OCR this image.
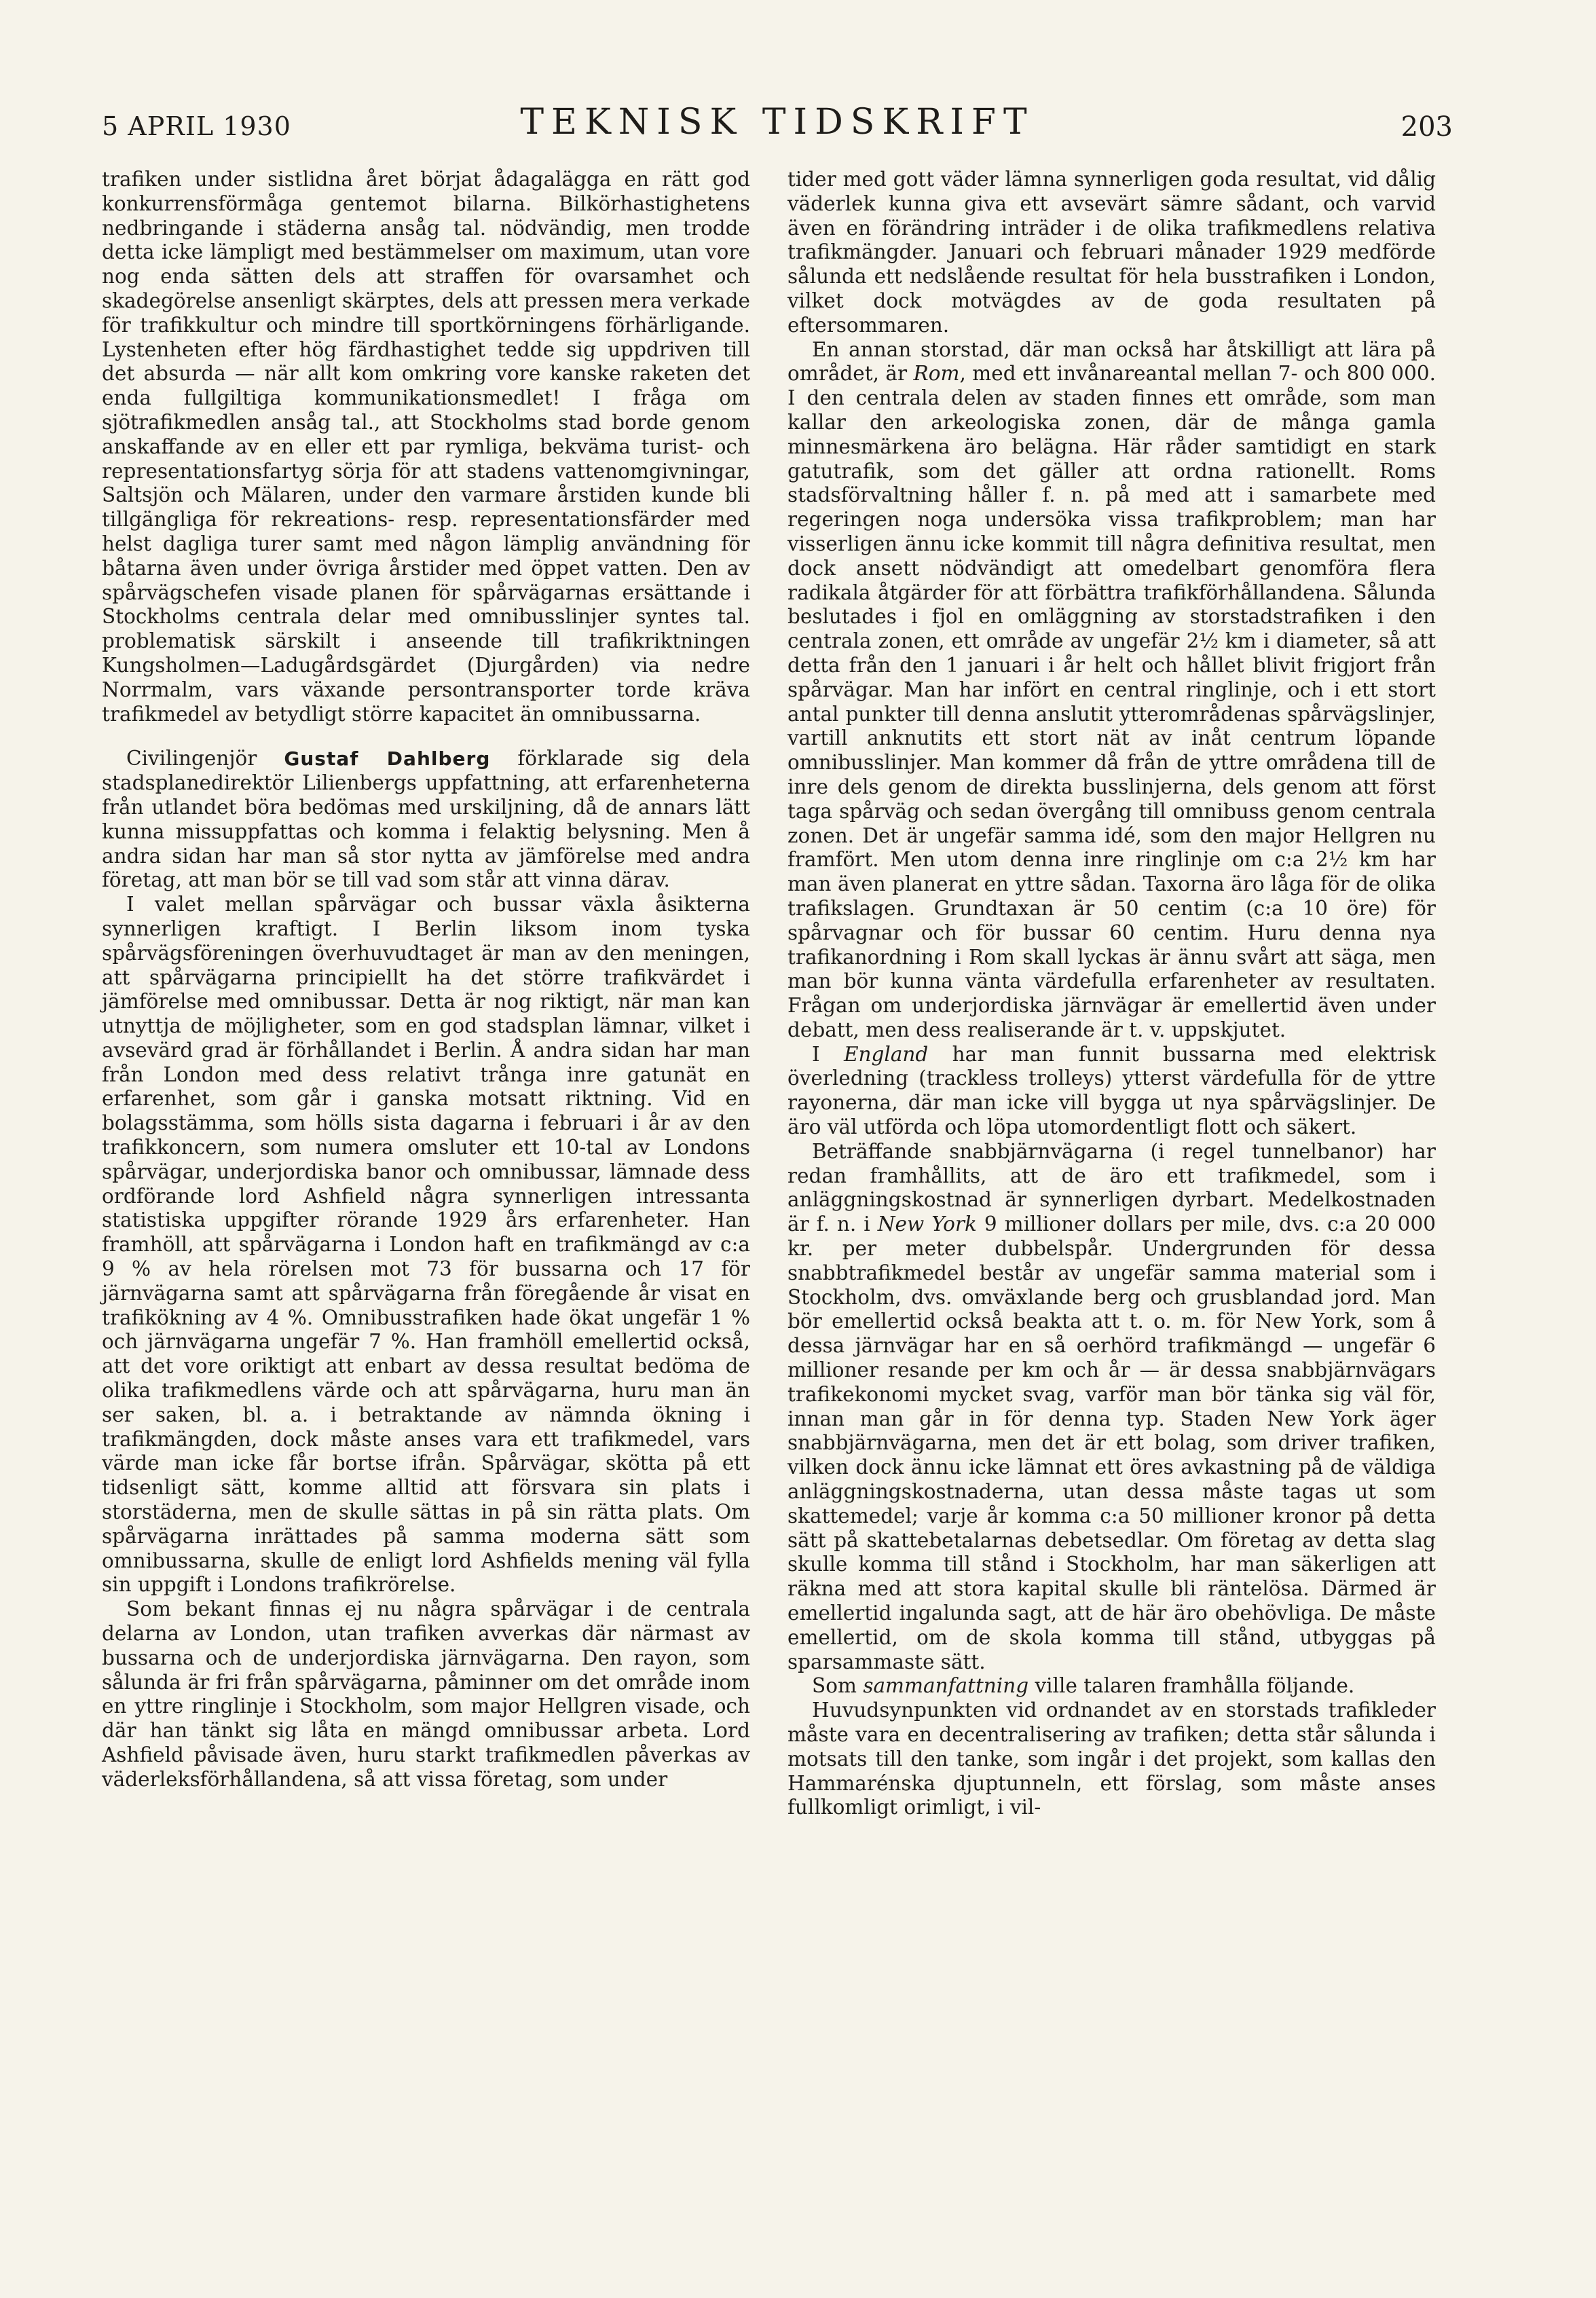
5 APRIL 1930	TEKNISK TIDSKRIFT	203

trafiken under sistlidna året börjat ådagalägga en rätt god konkurrensförmåga gentemot bilarna. Bilkörhastighetens nedbringande i städerna ansåg tal. nödvändig, men trodde detta icke lämpligt med bestämmelser om maximum, utan vore nog enda sätten dels att straffen för ovarsamhet och skadegörelse ansenligt skärptes, dels att pressen mera verkade för trafikkultur och mindre till sportkörningens förhärligande. Lystenheten efter hög färdhastighet tedde sig uppdriven till det absurda — när allt kom omkring vore kanske raketen det enda fullgiltiga kommunikationsmedlet! I fråga om sjötrafikmedlen ansåg tal., att Stockholms stad borde genom anskaffande av en eller ett par rymliga, bekväma turist- och representationsfartyg sörja för att stadens vattenomgivningar, Saltsjön och Mälaren, under den varmare årstiden kunde bli tillgängliga för rekreations- resp. representationsfärder med helst dagliga turer samt med någon lämplig användning för båtarna även under övriga årstider med öppet vatten. Den av spårvägschefen visade planen för spårvägarnas ersättande i Stockholms centrala delar med omnibusslinjer syntes tal. problematisk särskilt i anseende till trafikriktningen Kungsholmen—Ladugårdsgärdet (Djurgården) via nedre Norrmalm, vars växande persontransporter torde kräva trafikmedel av betydligt större kapacitet än omnibussarna.

Civilingenjör Gustaf Dahlberg förklarade sig dela stadsplanedirektör Lilienbergs uppfattning, att erfarenheterna från utlandet böra bedömas med urskiljning, då de annars lätt kunna missuppfattas och komma i felaktig belysning. Men å andra sidan har man så stor nytta av jämförelse med andra företag, att man bör se till vad som står att vinna därav.

I valet mellan spårvägar och bussar växla åsikterna synnerligen kraftigt. I Berlin liksom inom tyska spårvägsföreningen överhuvudtaget är man av den meningen, att spårvägarna principiellt ha det större trafikvärdet i jämförelse med omnibussar. Detta är nog riktigt, när man kan utnyttja de möjligheter, som en god stadsplan lämnar, vilket i avsevärd grad är förhållandet i Berlin. Å andra sidan har man från London med dess relativt trånga inre gatunät en erfarenhet, som går i ganska motsatt riktning. Vid en bolagsstämma, som hölls sista dagarna i februari i år av den trafikkoncern, som numera omsluter ett 10-tal av Londons spårvägar, underjordiska banor och omnibussar, lämnade dess ordförande lord Ashfield några synnerligen intressanta statistiska uppgifter rörande 1929 års erfarenheter. Han framhöll, att spårvägarna i London haft en trafikmängd av c:a 9 % av hela rörelsen mot 73 för bussarna och 17 för järnvägarna samt att spårvägarna från föregående år visat en trafikökning av 4 %. Omnibusstrafiken hade ökat ungefär 1 % och järnvägarna ungefär 7 %. Han framhöll emellertid också, att det vore oriktigt att enbart av dessa resultat bedöma de olika trafikmedlens värde och att spårvägarna, huru man än ser saken, bl. a. i betraktande av nämnda ökning i trafikmängden, dock måste anses vara ett trafikmedel, vars värde man icke får bortse ifrån. Spårvägar, skötta på ett tidsenligt sätt, komme alltid att försvara sin plats i storstäderna, men de skulle sättas in på sin rätta plats. Om spårvägarna inrättades på samma moderna sätt som omnibussarna, skulle de enligt lord Ashfields mening väl fylla sin uppgift i Londons trafikrörelse.

Som bekant finnas ej nu några spårvägar i de centrala delarna av London, utan trafiken avverkas där närmast av bussarna och de underjordiska järnvägarna. Den rayon, som sålunda är fri från spårvägarna, påminner om det område inom en yttre ringlinje i Stockholm, som major Hellgren visade, och där han tänkt sig låta en mängd omnibussar arbeta. Lord Ashfield påvisade även, huru starkt trafikmedlen påverkas av väderleksförhållandena, så att vissa företag, som under

tider med gott väder lämna synnerligen goda resultat, vid dålig väderlek kunna giva ett avsevärt sämre sådant, och varvid även en förändring inträder i de olika trafikmedlens relativa trafikmängder. Januari och februari månader 1929 medförde sålunda ett nedslående resultat för hela busstrafiken i London, vilket dock motvägdes av de goda resultaten på eftersommaren.

En annan storstad, där man också har åtskilligt att lära på området, är Rom, med ett invånareantal mellan 7- och 800 000. I den centrala delen av staden finnes ett område, som man kallar den arkeologiska zonen, där de många gamla minnesmärkena äro belägna. Här råder samtidigt en stark gatutrafik, som det gäller att ordna rationellt. Roms stadsförvaltning håller f. n. på med att i samarbete med regeringen noga undersöka vissa trafikproblem; man har visserligen ännu icke kommit till några definitiva resultat, men dock ansett nödvändigt att omedelbart genomföra flera radikala åtgärder för att förbättra trafikförhållandena. Sålunda beslutades i fjol en omläggning av storstadstrafiken i den centrala zonen, ett område av ungefär 2½ km i diameter, så att detta från den 1 januari i år helt och hållet blivit frigjort från spårvägar. Man har infört en central ringlinje, och i ett stort antal punkter till denna anslutit ytterområdenas spårvägslinjer, vartill anknutits ett stort nät av inåt centrum löpande omnibusslinjer. Man kommer då från de yttre områdena till de inre dels genom de direkta busslinjerna, dels genom att först taga spårväg och sedan övergång till omnibuss genom centrala zonen. Det är ungefär samma idé, som den major Hellgren nu framfört. Men utom denna inre ringlinje om c:a 2½ km har man även planerat en yttre sådan. Taxorna äro låga för de olika trafikslagen. Grundtaxan är 50 centim (c:a 10 öre) för spårvagnar och för bussar 60 centim. Huru denna nya trafikanordning i Rom skall lyckas är ännu svårt att säga, men man bör kunna vänta värdefulla erfarenheter av resultaten. Frågan om underjordiska järnvägar är emellertid även under debatt, men dess realiserande är t. v. uppskjutet.

I England har man funnit bussarna med elektrisk överledning (trackless trolleys) ytterst värdefulla för de yttre rayonerna, där man icke vill bygga ut nya spårvägslinjer. De äro väl utförda och löpa utomordentligt flott och säkert.

Beträffande snabbjärnvägarna (i regel tunnelbanor) har redan framhållits, att de äro ett trafikmedel, som i anläggningskostnad är synnerligen dyrbart. Medelkostnaden är f. n. i New York 9 millioner dollars per mile, dvs. c:a 20 000 kr. per meter dubbelspår. Undergrunden för dessa snabbtrafikmedel består av ungefär samma material som i Stockholm, dvs. omväxlande berg och grusblandad jord. Man bör emellertid också beakta att t. o. m. för New York, som å dessa järnvägar har en så oerhörd trafikmängd — ungefär 6 millioner resande per km och år — är dessa snabbjärnvägars trafikekonomi mycket svag, varför man bör tänka sig väl för, innan man går in för denna typ. Staden New York äger snabbjärnvägarna, men det är ett bolag, som driver trafiken, vilken dock ännu icke lämnat ett öres avkastning på de väldiga anläggningskostnaderna, utan dessa måste tagas ut som skattemedel; varje år komma c:a 50 millioner kronor på detta sätt på skattebetalarnas debetsedlar. Om företag av detta slag skulle komma till stånd i Stockholm, har man säkerligen att räkna med att stora kapital skulle bli räntelösa. Därmed är emellertid ingalunda sagt, att de här äro obehövliga. De måste emellertid, om de skola komma till stånd, utbyggas på sparsammaste sätt.

Som sammanfattning ville talaren framhålla följande.

Huvudsynpunkten vid ordnandet av en storstads trafikleder måste vara en decentralisering av trafiken; detta står sålunda i motsats till den tanke, som ingår i det projekt, som kallas den Hammarénska djuptunneln, ett förslag, som måste anses fullkomligt orimligt, i vil-
